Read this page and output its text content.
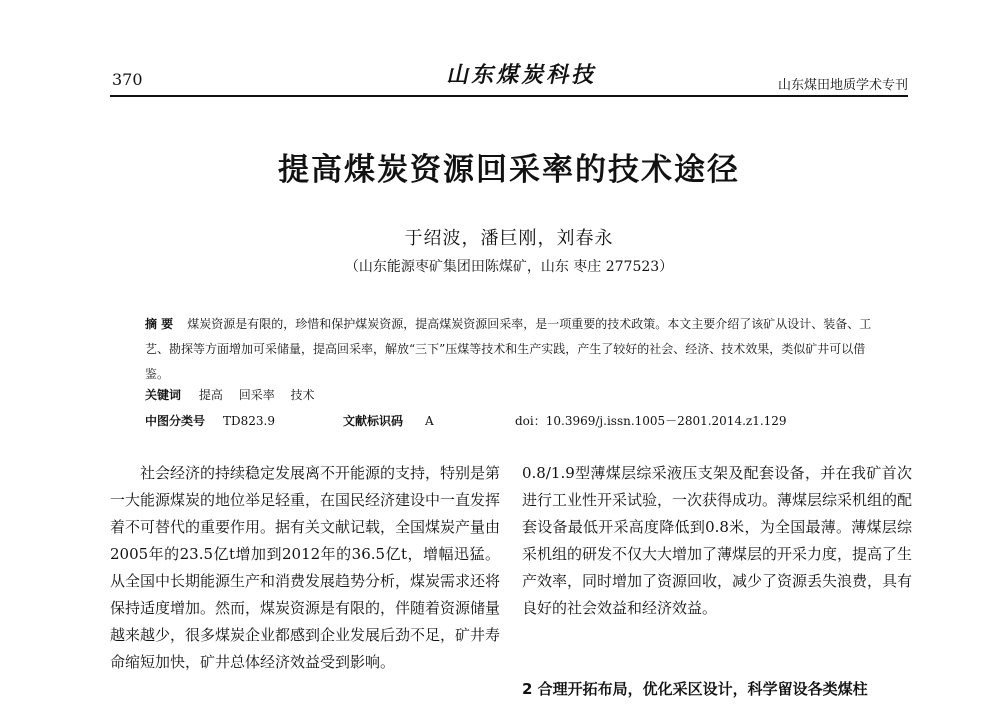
370	山东煤炭科技	山东煤田地质学术专刊
提高煤炭资源回采率的技术途径
于绍波，潘巨刚，刘春永
（山东能源枣矿集团田陈煤矿，山东 枣庄 277523）
摘 要 煤炭资源是有限的，珍惜和保护煤炭资源，提高煤炭资源回采率，是一项重要的技术政策。本文主要介绍了该矿从设计、装备、工艺、勘探等方面增加可采储量，提高回采率，解放“三下”压煤等技术和生产实践，产生了较好的社会、经济、技术效果，类似矿井可以借鉴。
关键词 提高 回采率 技术
中图分类号 TD823.9	文献标识码 A	doi：10.3969/j.issn.1005－2801.2014.z1.129

社会经济的持续稳定发展离不开能源的支持，特别是第一大能源煤炭的地位举足轻重，在国民经济建设中一直发挥着不可替代的重要作用。据有关文献记载，全国煤炭产量由2005年的23.5亿t增加到2012年的36.5亿t，增幅迅猛。从全国中长期能源生产和消费发展趋势分析，煤炭需求还将保持适度增加。然而，煤炭资源是有限的，伴随着资源储量越来越少，很多煤炭企业都感到企业发展后劲不足，矿井寿命缩短加快，矿井总体经济效益受到影响。

0.8/1.9型薄煤层综采液压支架及配套设备，并在我矿首次进行工业性开采试验，一次获得成功。薄煤层综采机组的配套设备最低开采高度降低到0.8米，为全国最薄。薄煤层综采机组的研发不仅大大增加了薄煤层的开采力度，提高了生产效率，同时增加了资源回收，减少了资源丢失浪费，具有良好的社会效益和经济效益。

2 合理开拓布局，优化采区设计，科学留设各类煤柱
